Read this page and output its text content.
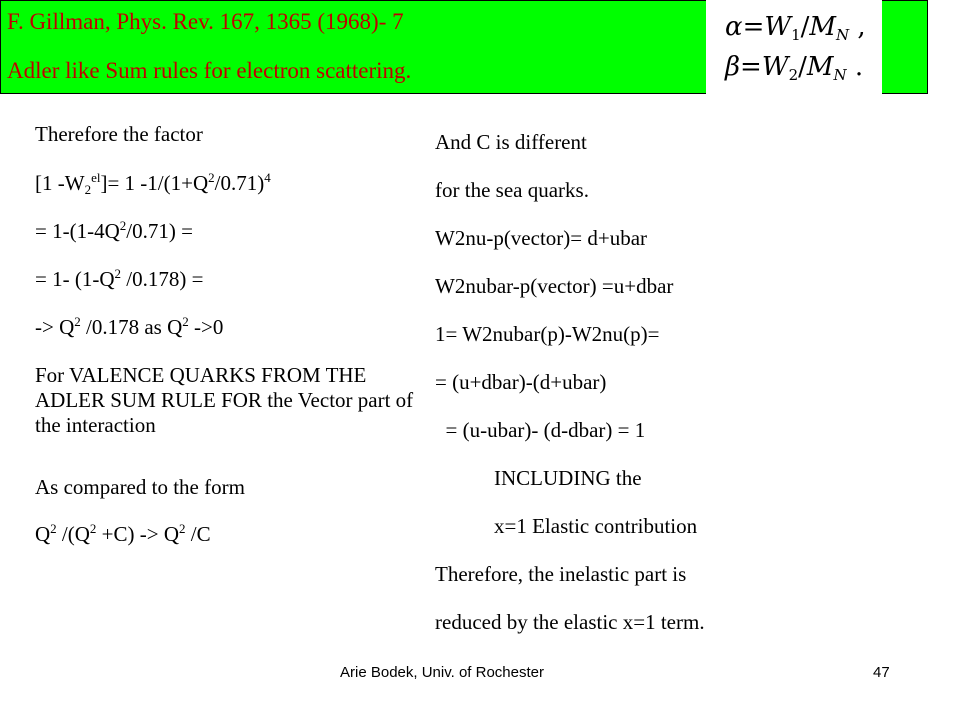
F. Gillman, Phys. Rev. 167, 1365 (1968)- 7
Adler like Sum rules for electron scattering.
$\alpha=W_1/M_N$ ,
$\beta=W_2/M_N$ .
Therefore the factor
[1 $-W_2^{el}]= 1$ $-1/(1+Q^2/0.71)^4$
= $1-(1-4Q^2/0.71)$ =
= 1- ($1-Q^2$ /0.178) =
-> $Q^2$ /0.178 as $Q^2$ ->0
For VALENCE QUARKS FROM THE ADLER SUM RULE FOR the Vector part of the interaction
As compared to the form
$Q^2$ $/(Q^2 +C) -> Q^2$ /C
And C is different
for the sea quarks.
W2nu-p(vector)= d+ubar
W2nubar-p(vector) =u+dbar
1= W2nubar(p)-W2nu(p)=
= (u+dbar)-(d+ubar)
= (u-ubar)- (d-dbar) = 1
INCLUDING the
x=1 Elastic contribution
Therefore, the inelastic part is
reduced by the elastic x=1 term.
Arie Bodek, Univ. of Rochester	47
